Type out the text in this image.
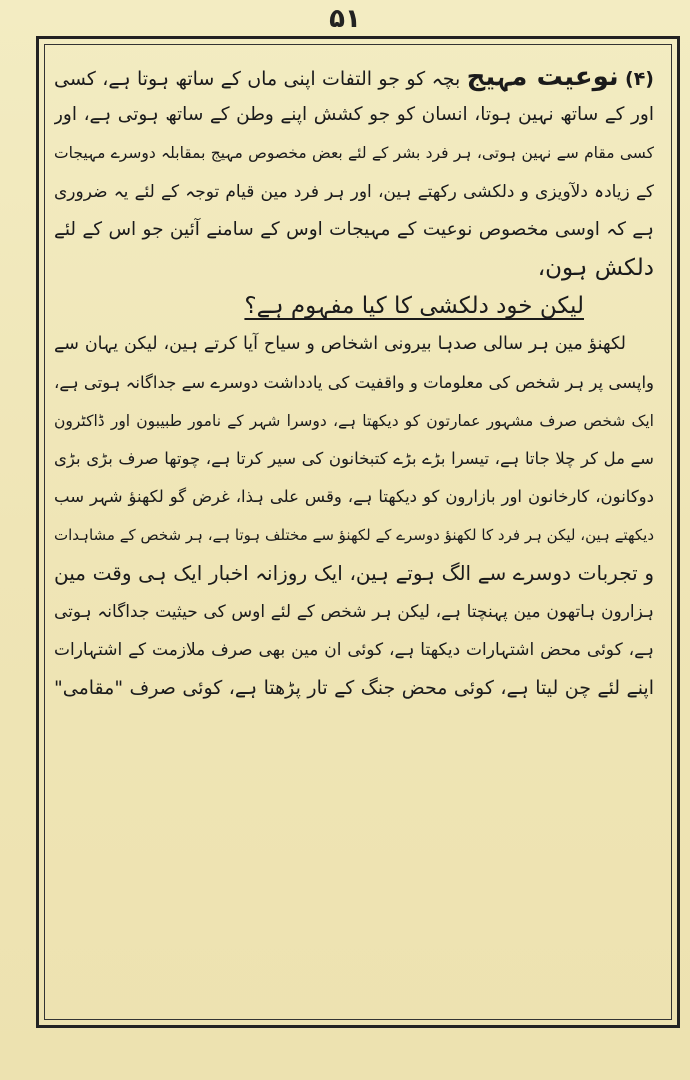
۵۱
(۴) نوعیت مہیج بچہ کو جو التفات اپنی ماں کے ساتھ ہوتا ہے، کسی
اور کے ساتھ نہین ہوتا، انسان کو جو کشش اپنے وطن کے ساتھ ہوتی ہے، اور
کسی مقام سے نہین ہوتی، ہر فرد بشر کے لئے بعض مخصوص مہیج بمقابلہ دوسرے مہیجات
کے زیادہ دلآویزی و دلکشی رکھتے ہین، اور ہر فرد مین قیام توجہ کے لئے یہ ضروری
ہے کہ اوسی مخصوص نوعیت کے مہیجات اوس کے سامنے آئین جو اس کے لئے
دلکش ہون،
لیکن خود دلکشی کا کیا مفہوم ہے؟
لکھنؤ مین ہر سالی صدہا بیرونی اشخاص و سیاح آیا کرتے ہین، لیکن یہان سے
واپسی پر ہر شخص کی معلومات و واقفیت کی یادداشت دوسرے سے جداگانہ ہوتی ہے،
ایک شخص صرف مشہور عمارتون کو دیکھتا ہے، دوسرا شہر کے نامور طبیبون اور ڈاکٹرون
سے مل کر چلا جاتا ہے، تیسرا بڑے بڑے کتبخانون کی سیر کرتا ہے، چوتھا صرف بڑی بڑی
دوکانون، کارخانون اور بازارون کو دیکھتا ہے، وقس علی ہذا، غرض گو لکھنؤ شہر سب
دیکھتے ہین، لیکن ہر فرد کا لکھنؤ دوسرے کے لکھنؤ سے مختلف ہوتا ہے، ہر شخص کے مشاہدات
و تجربات دوسرے سے الگ ہوتے ہین، ایک روزانہ اخبار ایک ہی وقت مین
ہزارون ہاتھون مین پہنچتا ہے، لیکن ہر شخص کے لئے اوس کی حیثیت جداگانہ ہوتی
ہے، کوئی محض اشتہارات دیکھتا ہے، کوئی ان مین بھی صرف ملازمت کے اشتہارات
اپنے لئے چن لیتا ہے، کوئی محض جنگ کے تار پڑھتا ہے، کوئی صرف "مقامی"
